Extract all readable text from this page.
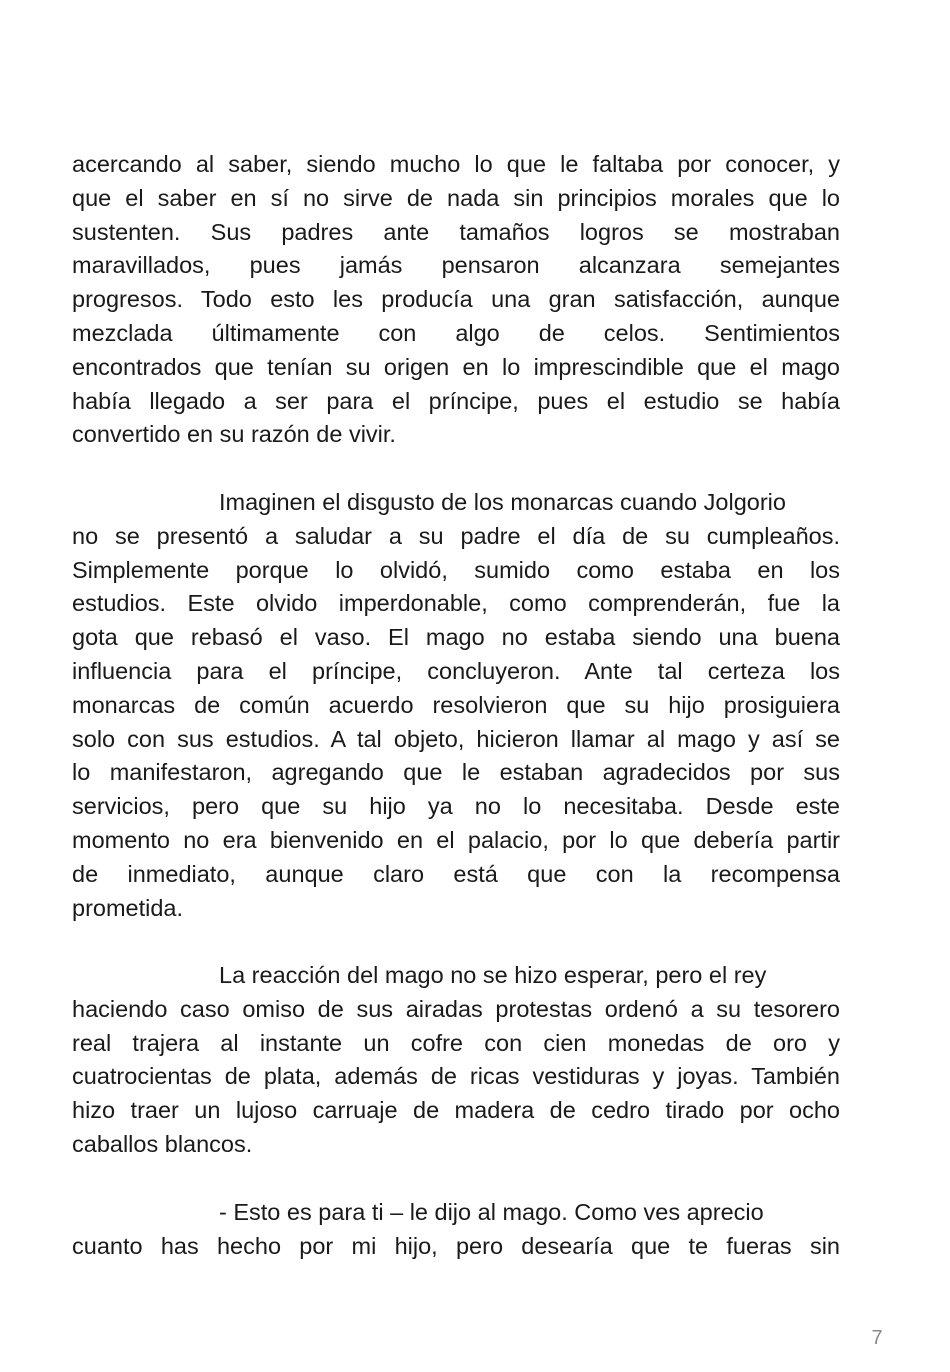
acercando al saber, siendo mucho lo que le faltaba por conocer, y
que el saber en sí no sirve de nada sin principios morales que lo
sustenten. Sus padres ante tamaños logros se mostraban
maravillados, pues jamás pensaron alcanzara semejantes
progresos. Todo esto les producía una gran satisfacción, aunque
mezclada últimamente con algo de celos. Sentimientos
encontrados que tenían su origen en lo imprescindible que el mago
había llegado a ser para el príncipe, pues el estudio se había
convertido en su razón de vivir.
Imaginen el disgusto de los monarcas cuando Jolgorio
no se presentó a saludar a su padre el día de su cumpleaños.
Simplemente porque lo olvidó, sumido como estaba en los
estudios. Este olvido imperdonable, como comprenderán, fue la
gota que rebasó el vaso. El mago no estaba siendo una buena
influencia para el príncipe, concluyeron. Ante tal certeza los
monarcas de común acuerdo resolvieron que su hijo prosiguiera
solo con sus estudios. A tal objeto, hicieron llamar al mago y así se
lo manifestaron, agregando que le estaban agradecidos por sus
servicios, pero que su hijo ya no lo necesitaba. Desde este
momento no era bienvenido en el palacio, por lo que debería partir
de inmediato, aunque claro está que con la recompensa
prometida.
La reacción del mago no se hizo esperar, pero el rey
haciendo caso omiso de sus airadas protestas ordenó a su tesorero
real trajera al instante un cofre con cien monedas de oro y
cuatrocientas de plata, además de ricas vestiduras y joyas. También
hizo traer un lujoso carruaje de madera de cedro tirado por ocho
caballos blancos.
- Esto es para ti – le dijo al mago. Como ves aprecio
cuanto has hecho por mi hijo, pero desearía que te fueras sin
7
